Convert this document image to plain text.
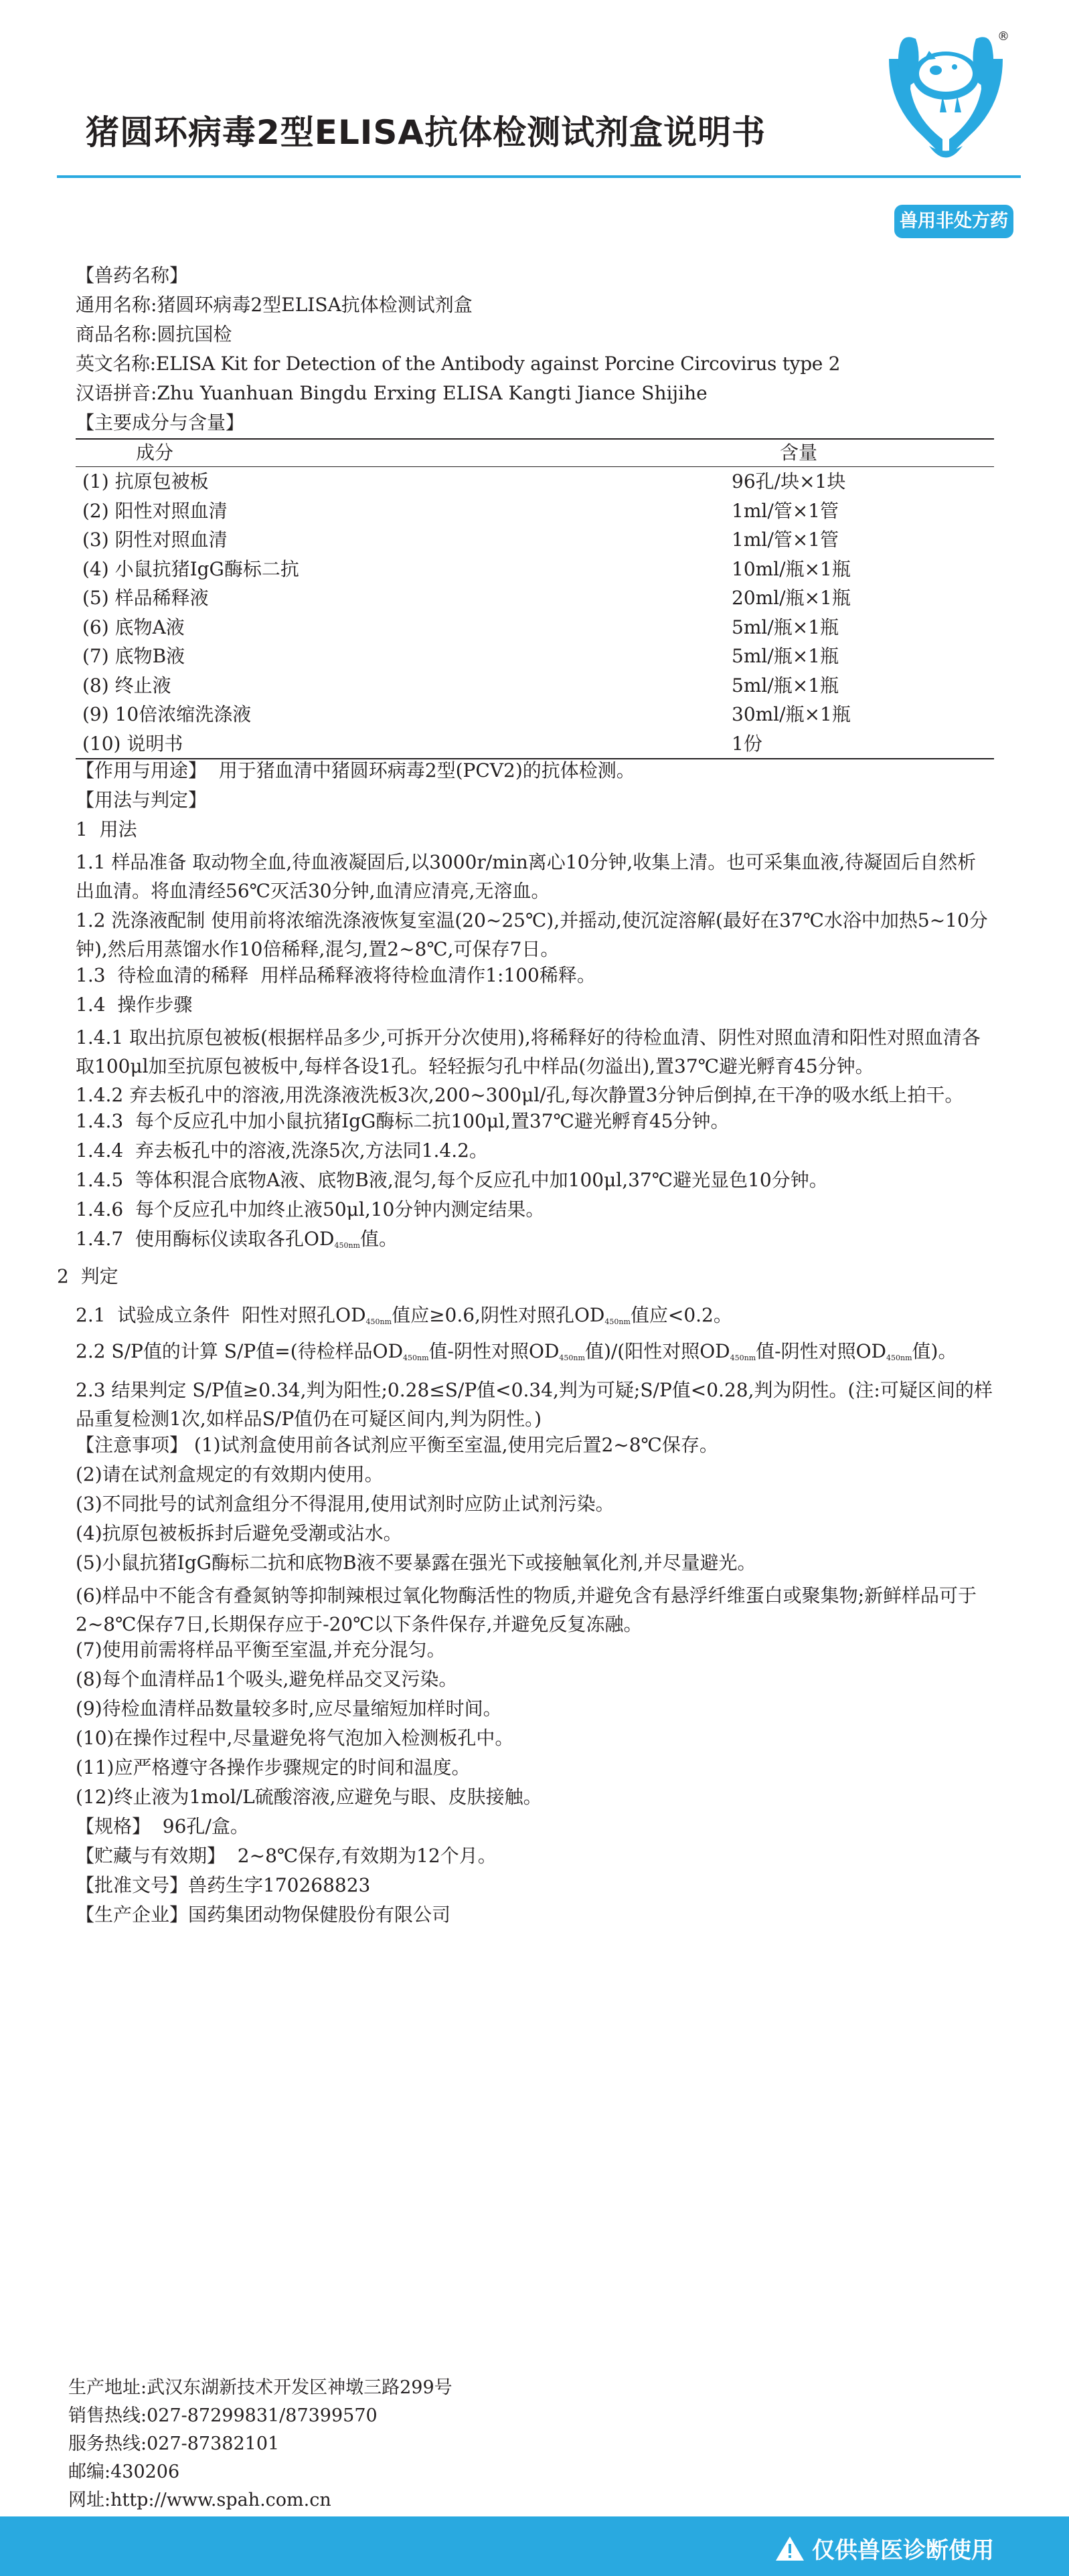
猪圆环病毒2型ELISA抗体检测试剂盒说明书
®
兽用非处方药
【兽药名称】
通用名称:猪圆环病毒2型ELISA抗体检测试剂盒
商品名称:圆抗国检
英文名称:ELISA Kit for Detection of the Antibody against Porcine Circovirus type 2
汉语拼音:Zhu Yuanhuan Bingdu Erxing ELISA Kangti Jiance Shijihe
【主要成分与含量】
成分	含量
(1) 抗原包被板	96孔/块×1块
(2) 阳性对照血清	1ml/管×1管
(3) 阴性对照血清	1ml/管×1管
(4) 小鼠抗猪IgG酶标二抗	10ml/瓶×1瓶
(5) 样品稀释液	20ml/瓶×1瓶
(6) 底物A液	5ml/瓶×1瓶
(7) 底物B液	5ml/瓶×1瓶
(8) 终止液	5ml/瓶×1瓶
(9) 10倍浓缩洗涤液	30ml/瓶×1瓶
(10) 说明书	1份
【作用与用途】  用于猪血清中猪圆环病毒2型(PCV2)的抗体检测。
【用法与判定】
1  用法
1.1 样品准备 取动物全血,待血液凝固后,以3000r/min离心10分钟,收集上清。也可采集血液,待凝固后自然析出血清。将血清经56℃灭活30分钟,血清应清亮,无溶血。
1.2 洗涤液配制 使用前将浓缩洗涤液恢复室温(20~25℃),并摇动,使沉淀溶解(最好在37℃水浴中加热5~10分钟),然后用蒸馏水作10倍稀释,混匀,置2~8℃,可保存7日。
1.3  待检血清的稀释  用样品稀释液将待检血清作1:100稀释。
1.4  操作步骤
1.4.1 取出抗原包被板(根据样品多少,可拆开分次使用),将稀释好的待检血清、阴性对照血清和阳性对照血清各取100μl加至抗原包被板中,每样各设1孔。轻轻振匀孔中样品(勿溢出),置37℃避光孵育45分钟。
1.4.2 弃去板孔中的溶液,用洗涤液洗板3次,200~300μl/孔,每次静置3分钟后倒掉,在干净的吸水纸上拍干。
1.4.3  每个反应孔中加小鼠抗猪IgG酶标二抗100μl,置37℃避光孵育45分钟。
1.4.4  弃去板孔中的溶液,洗涤5次,方法同1.4.2。
1.4.5  等体积混合底物A液、底物B液,混匀,每个反应孔中加100μl,37℃避光显色10分钟。
1.4.6  每个反应孔中加终止液50μl,10分钟内测定结果。
1.4.7  使用酶标仪读取各孔$OD_{450nm}$值。
2  判定
2.1  试验成立条件  阳性对照孔$OD_{450nm}$值应≥0.6,阴性对照孔$OD_{450nm}$值应<0.2。
2.2 S/P值的计算 S/P值=(待检样品$OD_{450nm}$值-阴性对照$OD_{450nm}$值)/(阳性对照$OD_{450nm}$值-阴性对照$OD_{450nm}$值)。
2.3 结果判定 S/P值≥0.34,判为阳性;0.28≤S/P值<0.34,判为可疑;S/P值<0.28,判为阴性。(注:可疑区间的样品重复检测1次,如样品S/P值仍在可疑区间内,判为阴性。)
【注意事项】 (1)试剂盒使用前各试剂应平衡至室温,使用完后置2~8℃保存。
(2)请在试剂盒规定的有效期内使用。
(3)不同批号的试剂盒组分不得混用,使用试剂时应防止试剂污染。
(4)抗原包被板拆封后避免受潮或沾水。
(5)小鼠抗猪IgG酶标二抗和底物B液不要暴露在强光下或接触氧化剂,并尽量避光。
(6)样品中不能含有叠氮钠等抑制辣根过氧化物酶活性的物质,并避免含有悬浮纤维蛋白或聚集物;新鲜样品可于2~8℃保存7日,长期保存应于-20℃以下条件保存,并避免反复冻融。
(7)使用前需将样品平衡至室温,并充分混匀。
(8)每个血清样品1个吸头,避免样品交叉污染。
(9)待检血清样品数量较多时,应尽量缩短加样时间。
(10)在操作过程中,尽量避免将气泡加入检测板孔中。
(11)应严格遵守各操作步骤规定的时间和温度。
(12)终止液为1mol/L硫酸溶液,应避免与眼、皮肤接触。
【规格】  96孔/盒。
【贮藏与有效期】  2~8℃保存,有效期为12个月。
【批准文号】兽药生字170268823
【生产企业】国药集团动物保健股份有限公司
生产地址:武汉东湖新技术开发区神墩三路299号
销售热线:027-87299831/87399570
服务热线:027-87382101
邮编:430206
网址:http://www.spah.com.cn
仅供兽医诊断使用
